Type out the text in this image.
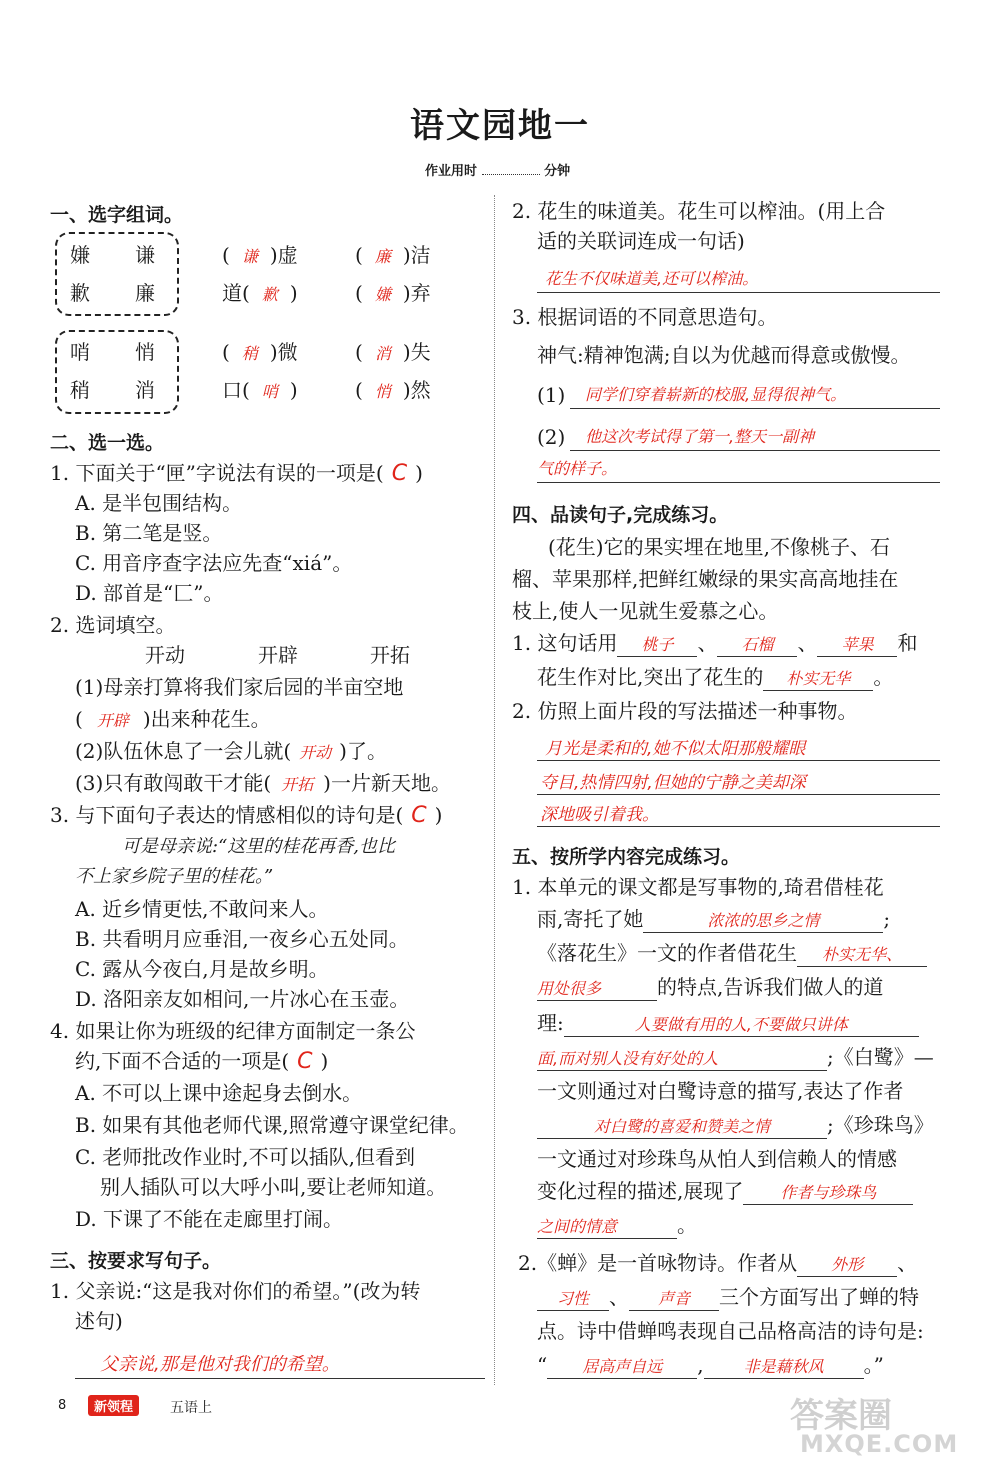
语文园地一
作业用时	分钟
一、选字组词。
嫌 谦
歉 廉
( 谦 )虚	( 廉 )洁
道( 歉 )	( 嫌 )弃
哨 悄
稍 消
( 稍 )微	( 消 )失
口( 哨 )	( 悄 )然
二、选一选。
1. 下面关于“匣”字说法有误的一项是( C )
A. 是半包围结构。
B. 第二笔是竖。
C. 用音序查字法应先查“xiá”。
D. 部首是“匚”。
2. 选词填空。
开动	开辟	开拓
(1)母亲打算将我们家后园的半亩空地
( 开辟 )出来种花生。
(2)队伍休息了一会儿就( 开动 )了。
(3)只有敢闯敢干才能( 开拓 )一片新天地。
3. 与下面句子表达的情感相似的诗句是( C )
可是母亲说:“这里的桂花再香,也比
不上家乡院子里的桂花。”
A. 近乡情更怯,不敢问来人。
B. 共看明月应垂泪,一夜乡心五处同。
C. 露从今夜白,月是故乡明。
D. 洛阳亲友如相问,一片冰心在玉壶。
4. 如果让你为班级的纪律方面制定一条公
约,下面不合适的一项是( C )
A. 不可以上课中途起身去倒水。
B. 如果有其他老师代课,照常遵守课堂纪律。
C. 老师批改作业时,不可以插队,但看到
别人插队可以大呼小叫,要让老师知道。
D. 下课了不能在走廊里打闹。
三、按要求写句子。
1. 父亲说:“这是我对你们的希望。”(改为转
述句)
父亲说,那是他对我们的希望。
8	新领程	五语上
2. 花生的味道美。花生可以榨油。(用上合
适的关联词连成一句话)
花生不仅味道美,还可以榨油。
3. 根据词语的不同意思造句。
神气:精神饱满;自以为优越而得意或傲慢。
(1) 同学们穿着崭新的校服,显得很神气。
(2) 他这次考试得了第一,整天一副神
气的样子。
四、品读句子,完成练习。
(花生)它的果实埋在地里,不像桃子、石
榴、苹果那样,把鲜红嫩绿的果实高高地挂在
枝上,使人一见就生爱慕之心。
1. 这句话用 桃子 、 石榴 、 苹果 和
花生作对比,突出了花生的 朴实无华 。
2. 仿照上面片段的写法描述一种事物。
月光是柔和的,她不似太阳那般耀眼
夺目,热情四射,但她的宁静之美却深
深地吸引着我。
五、按所学内容完成练习。
1. 本单元的课文都是写事物的,琦君借桂花
雨,寄托了她	浓浓的思乡之情	;
《落花生》一文的作者借花生 朴实无华、
用处很多	的特点,告诉我们做人的道
理:	人要做有用的人,不要做只讲体
面,而对别人没有好处的人	;《白鹭》—
一文则通过对白鹭诗意的描写,表达了作者
对白鹭的喜爱和赞美之情	;《珍珠鸟》
一文通过对珍珠鸟从怕人到信赖人的情感
变化过程的描述,展现了 作者与珍珠鸟
之间的情意	。
2.《蝉》是一首咏物诗。作者从 外形 、
习性 、 声音 三个方面写出了蝉的特
点。诗中借蝉鸣表现自己品格高洁的诗句是:
“ 居高声自远 , 非是藉秋风 。”
答案圈
MXQE.COM
